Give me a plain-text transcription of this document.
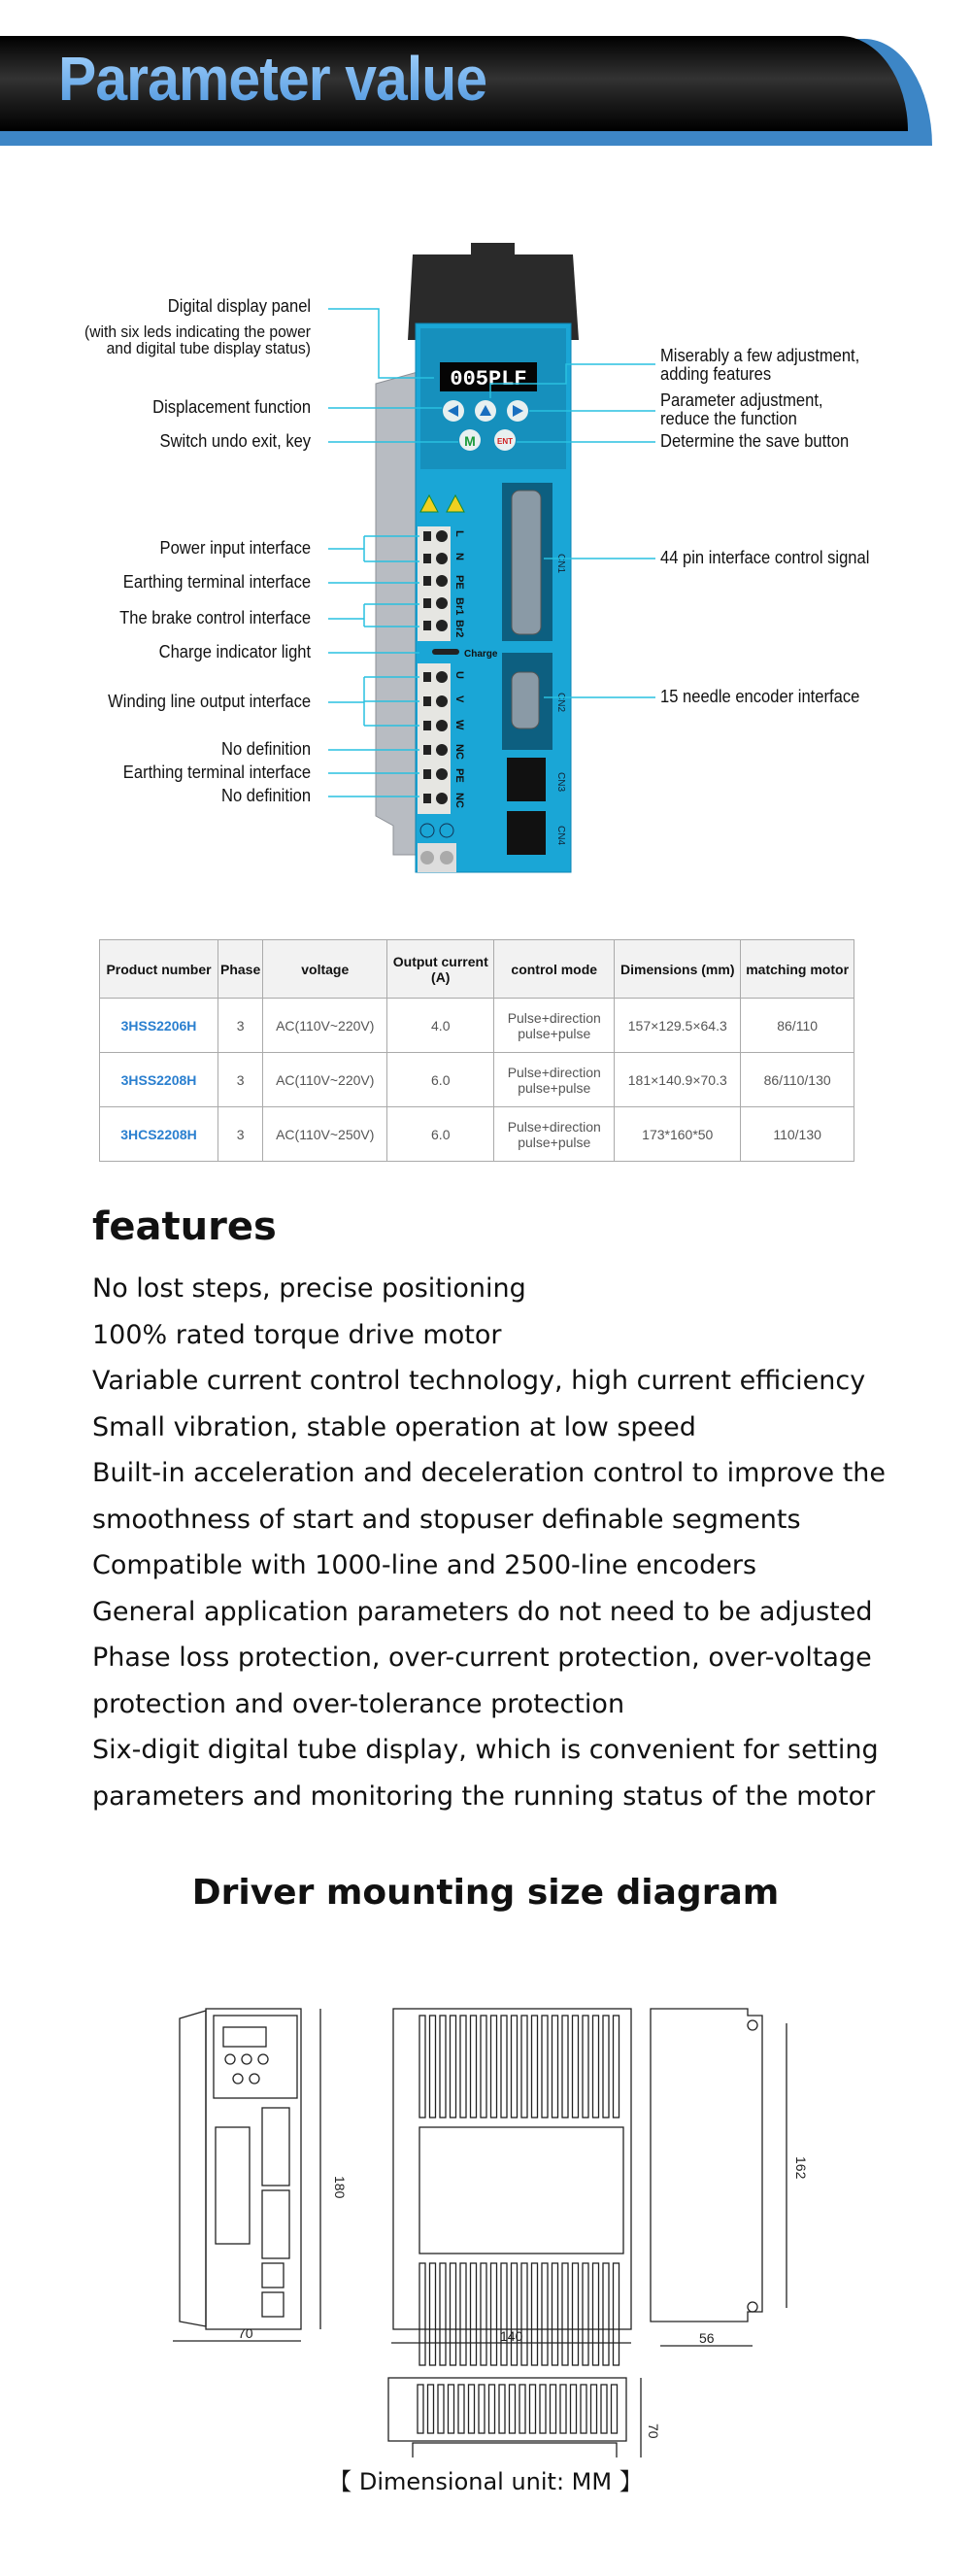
Parameter value
005PLF
M	ENT
L
N
PE
Br1
Br2
Charge
U
V
W
NC
PE
NC
CN1
CN2
CN3
CN4
Digital display panel
(with six leds indicating the power and digital tube display status)
Displacement function
Switch undo exit, key
Power input interface
Earthing terminal interface
The brake control interface
Charge indicator light
Winding line output interface
No definition
Earthing terminal interface
No definition
Miserably a few adjustment, adding features
Parameter adjustment, reduce the function
Determine the save button
44 pin interface control signal
15 needle encoder interface
Product number	Phase	voltage	Output current (A)	control mode	Dimensions (mm)	matching motor
3HSS2206H	3	AC(110V~220V)	4.0	Pulse+direction pulse+pulse	157×129.5×64.3	86/110
3HSS2208H	3	AC(110V~220V)	6.0	Pulse+direction pulse+pulse	181×140.9×70.3	86/110/130
3HCS2208H	3	AC(110V~250V)	6.0	Pulse+direction pulse+pulse	173*160*50	110/130
features
No lost steps, precise positioning
100% rated torque drive motor
Variable current control technology, high current efficiency
Small vibration, stable operation at low speed
Built-in acceleration and deceleration control to improve the
smoothness of start and stopuser definable segments
Compatible with 1000-line and 2500-line encoders
General application parameters do not need to be adjusted
Phase loss protection, over-current protection, over-voltage
protection and over-tolerance protection
Six-digit digital tube display, which is convenient for setting
parameters and monitoring the running status of the motor
Driver mounting size diagram
70
180
140	56
162
70
【 Dimensional unit: MM 】
